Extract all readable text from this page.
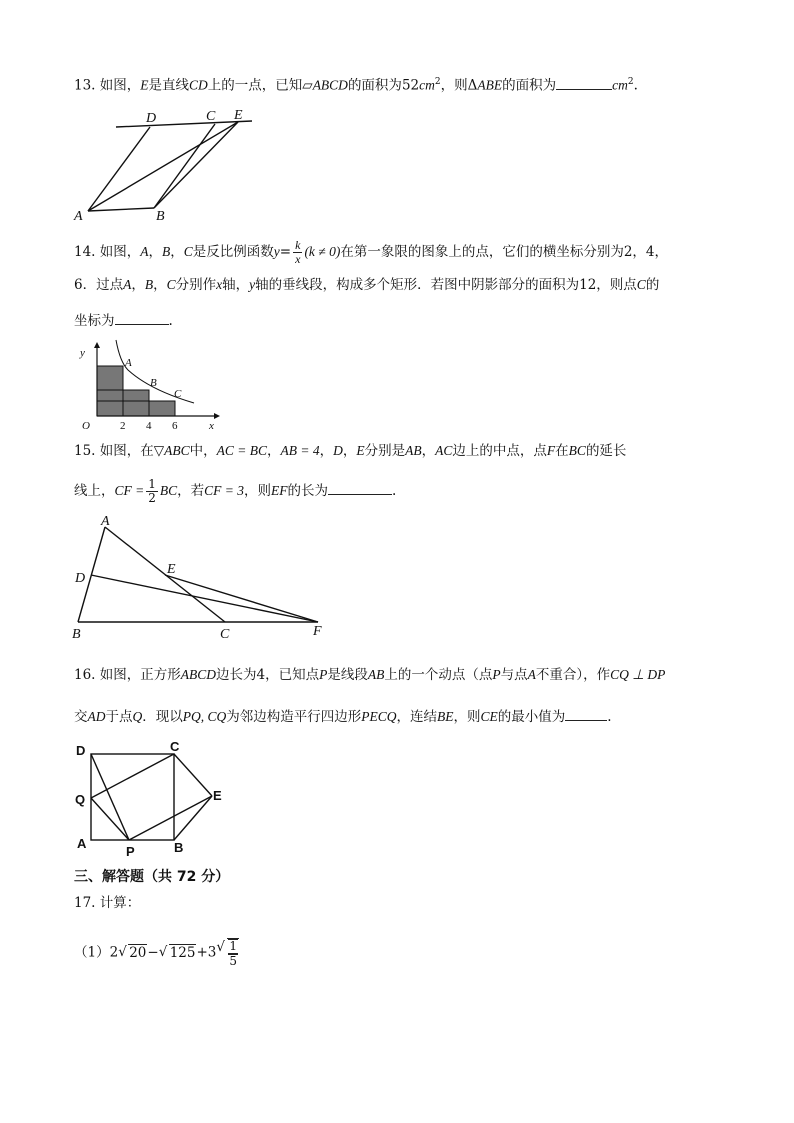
13. 如图，E是直线CD上的一点，已知▱ABCD的面积为$52cm^2$，则ΔABE的面积为	$cm^2$.
D	C E
A	B
14. 如图，A，B，C是反比例函数$y= \frac{k}{x} (k \ne 0)$在第一象限的图象上的点，它们的横坐标分别为2，4，
6．过点A，B，C分别作x轴，y轴的垂线段，构成多个矩形．若图中阴影部分的面积为12，则点C的
坐标为	.
y
x
O
A
B
C
2 4 6
15. 如图，在▽ABC中，AC = BC，AB = 4，D，E分别是AB，AC边上的中点，点F在BC的延长
线上，CF = $\frac{1}{2}$ BC，若CF = 3，则EF的长为	.
A
D
E
B	C	F
16. 如图，正方形ABCD边长为4，已知点P是线段AB上的一个动点（点P与点A不重合），作CQ ⊥ DP
交AD于点Q．现以PQ, CQ为邻边构造平行四边形PECQ，连结BE，则CE的最小值为	.
D	C
Q	E
A
P	B
三、解答题（共 72 分）
17. 计算：
（1）2 √ 20− √ 125+3 √ $\frac{1}{5}$
